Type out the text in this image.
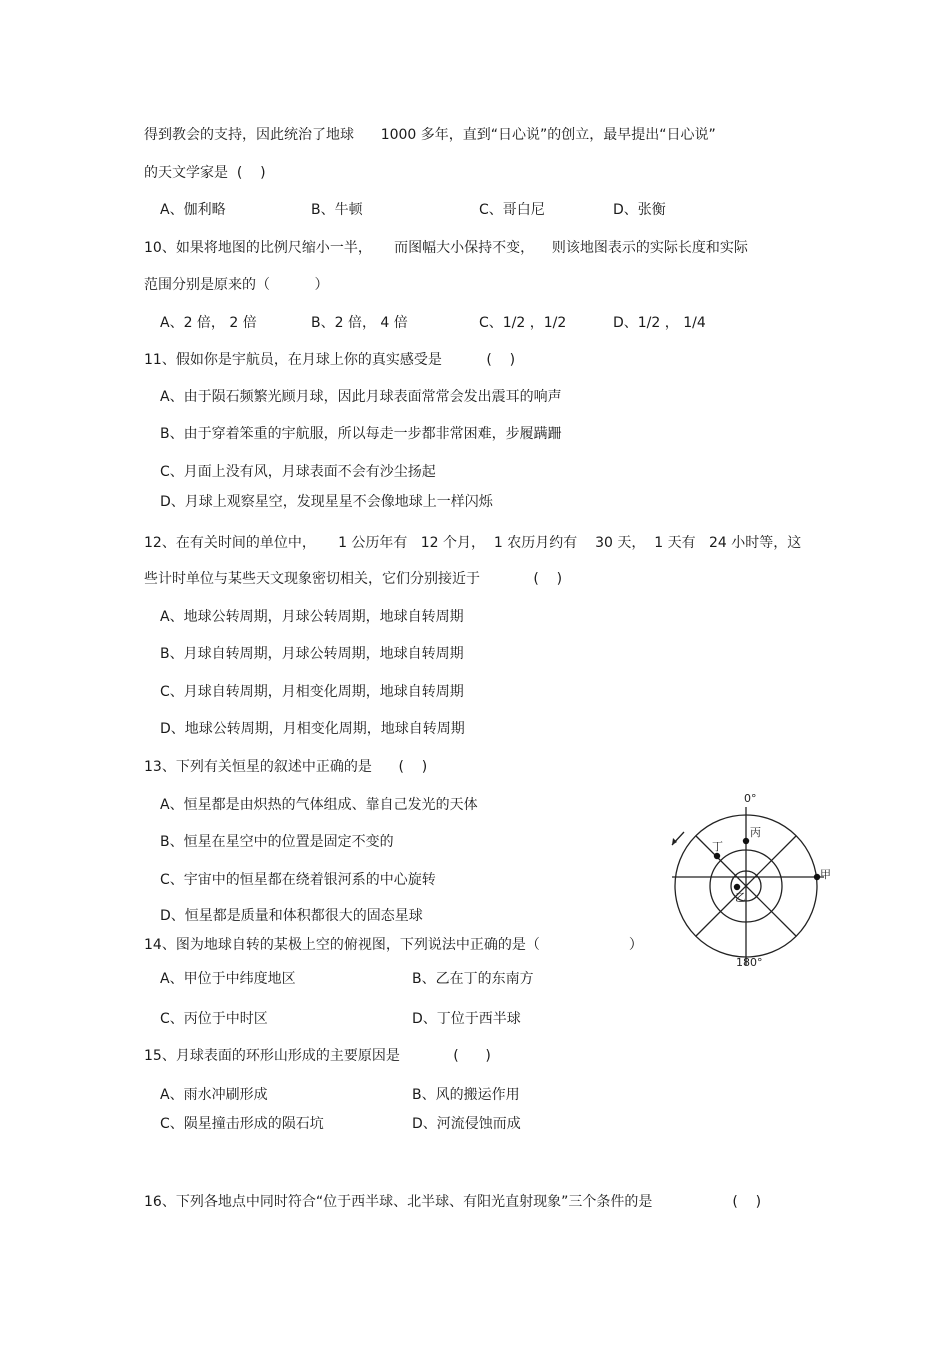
得到教会的支持，因此统治了地球      1000 多年，直到“日心说”的创立，最早提出“日心说”
的天文学家是  (    )
A、伽利略	B、牛顿	C、哥白尼	D、张衡
10、如果将地图的比例尺缩小一半，     而图幅大小保持不变，    则该地图表示的实际长度和实际
范围分别是原来的（          ）
A、2 倍， 2 倍	B、2 倍， 4 倍	C、1/2 ，1/2	D、1/2 ， 1/4
11、假如你是宇航员，在月球上你的真实感受是          (    )
A、由于陨石频繁光顾月球，因此月球表面常常会发出震耳的响声
B、由于穿着笨重的宇航服，所以每走一步都非常困难，步履蹒跚
C、月面上没有风，月球表面不会有沙尘扬起
D、月球上观察星空，发现星星不会像地球上一样闪烁
12、在有关时间的单位中，     1 公历年有   12 个月，  1 农历月约有    30 天，  1 天有   24 小时等，这
些计时单位与某些天文现象密切相关，它们分别接近于            (    )
A、地球公转周期，月球公转周期，地球自转周期
B、月球自转周期，月球公转周期，地球自转周期
C、月球自转周期，月相变化周期，地球自转周期
D、地球公转周期，月相变化周期，地球自转周期
13、下列有关恒星的叙述中正确的是      (    )
A、恒星都是由炽热的气体组成、靠自己发光的天体
B、恒星在星空中的位置是固定不变的
C、宇宙中的恒星都在绕着银河系的中心旋转
D、恒星都是质量和体积都很大的固态星球
14、图为地球自转的某极上空的俯视图，下列说法中正确的是（                    ）
A、甲位于中纬度地区	B、乙在丁的东南方
C、丙位于中时区	D、丁位于西半球
15、月球表面的环形山形成的主要原因是            (      )
A、雨水冲刷形成	B、风的搬运作用
C、陨星撞击形成的陨石坑	D、河流侵蚀而成
16、下列各地点中同时符合“位于西半球、北半球、有阳光直射现象”三个条件的是                  (    )
0°
180°
甲
丙
丁
乙
